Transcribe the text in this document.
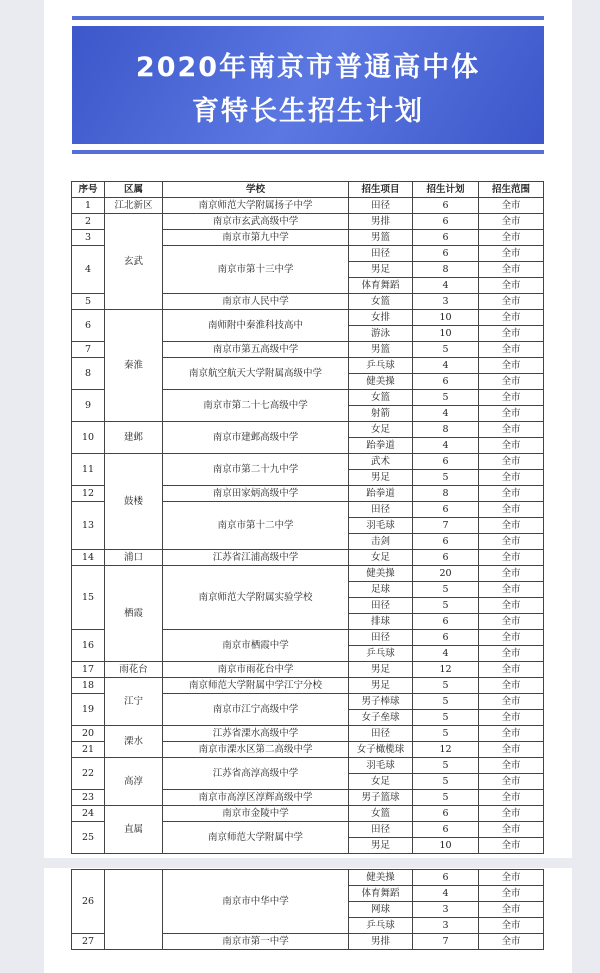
2020年南京市普通高中体
育特长生招生计划
序号	区属	学校	招生项目	招生计划	招生范围
1	江北新区	南京师范大学附属扬子中学	田径	6	全市
2	玄武	南京市玄武高级中学	男排	6	全市
3		南京市第九中学	男篮	6	全市
4		南京市第十三中学	田径	6	全市
			男足	8	全市
			体育舞蹈	4	全市
5		南京市人民中学	女篮	3	全市
6	秦淮	南师附中秦淮科技高中	女排	10	全市
			游泳	10	全市
7		南京市第五高级中学	男篮	5	全市
8		南京航空航天大学附属高级中学	乒乓球	4	全市
			健美操	6	全市
9		南京市第二十七高级中学	女篮	5	全市
			射箭	4	全市
10	建邺	南京市建邺高级中学	女足	8	全市
			跆拳道	4	全市
11	鼓楼	南京市第二十九中学	武术	6	全市
			男足	5	全市
12		南京田家炳高级中学	跆拳道	8	全市
13		南京市第十二中学	田径	6	全市
			羽毛球	7	全市
			击剑	6	全市
14	浦口	江苏省江浦高级中学	女足	6	全市
15	栖霞	南京师范大学附属实验学校	健美操	20	全市
			足球	5	全市
			田径	5	全市
			排球	6	全市
16		南京市栖霞中学	田径	6	全市
			乒乓球	4	全市
17	雨花台	南京市雨花台中学	男足	12	全市
18	江宁	南京师范大学附属中学江宁分校	男足	5	全市
19		南京市江宁高级中学	男子棒球	5	全市
			女子垒球	5	全市
20	溧水	江苏省溧水高级中学	田径	5	全市
21		南京市溧水区第二高级中学	女子橄榄球	12	全市
22	高淳	江苏省高淳高级中学	羽毛球	5	全市
			女足	5	全市
23		南京市高淳区淳辉高级中学	男子篮球	5	全市
24	直属	南京市金陵中学	女篮	6	全市
25		南京师范大学附属中学	田径	6	全市
			男足	10	全市
26		南京市中华中学	健美操	6	全市
			体育舞蹈	4	全市
			网球	3	全市
			乒乓球	3	全市
27		南京市第一中学	男排	7	全市
